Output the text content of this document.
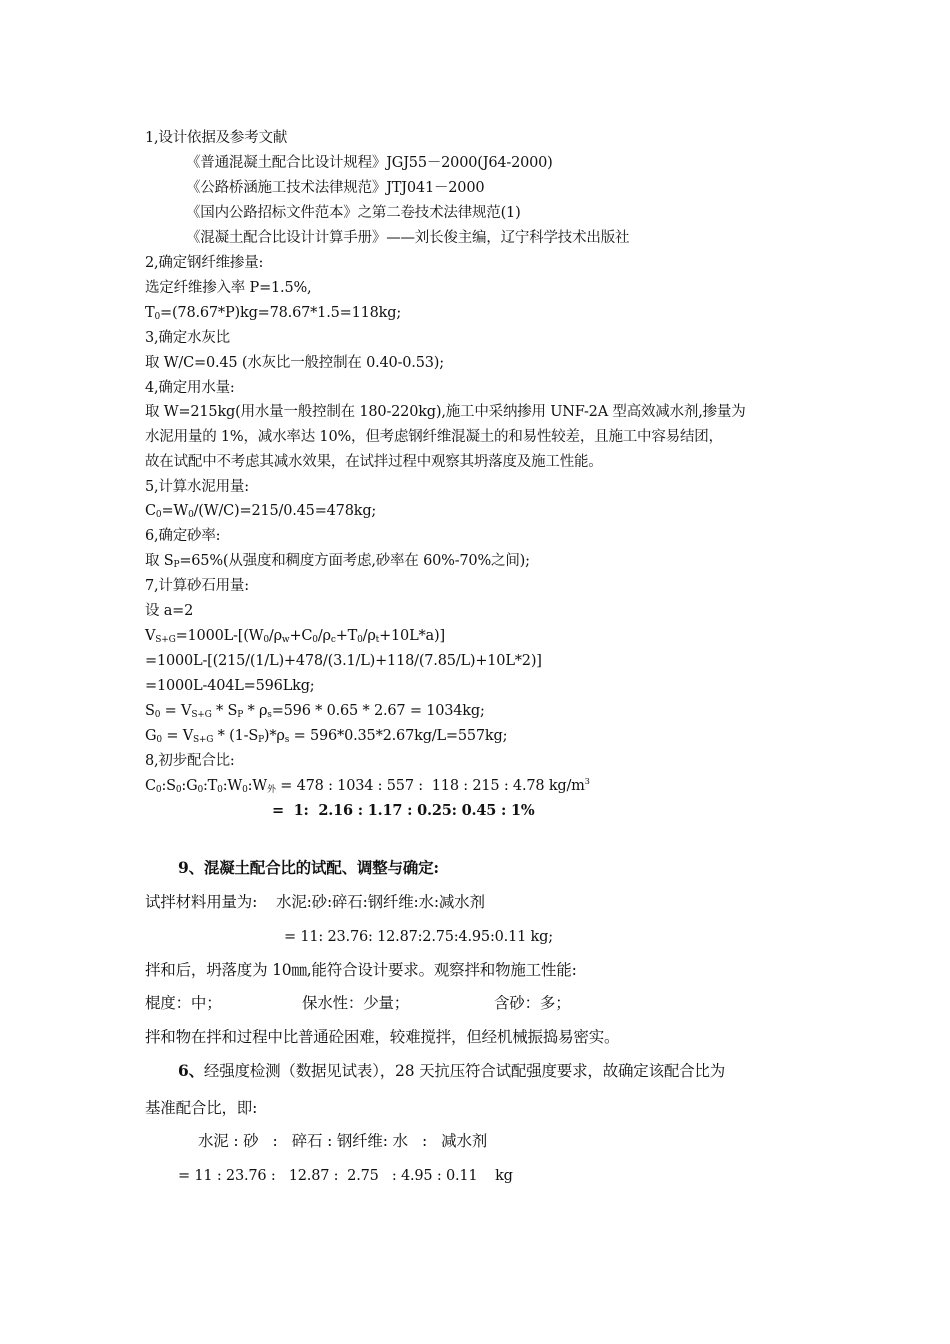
1,设计依据及参考文献
《普通混凝土配合比设计规程》JGJ55－2000(J64-2000)
《公路桥涵施工技术法律规范》JTJ041－2000
《国内公路招标文件范本》之第二卷技术法律规范(1)
《混凝土配合比设计计算手册》——刘长俊主编，辽宁科学技术出版社
2,确定钢纤维掺量:
选定纤维掺入率 P=1.5%,
$T_0=(78.67*P)kg=78.67*1.5=118kg$;
3,确定水灰比
取 W/C=0.45 (水灰比一般控制在 0.40-0.53);
4,确定用水量:
取 W=215kg(用水量一般控制在 180-220kg),施工中采纳掺用 UNF-2A 型高效减水剂,掺量为
水泥用量的 1%，减水率达 10%，但考虑钢纤维混凝土的和易性较差，且施工中容易结团，
故在试配中不考虑其减水效果，在试拌过程中观察其坍落度及施工性能。
5,计算水泥用量:
$C_0=W_0/(W/C)=215/0.45=478kg$;
6,确定砂率:
取 $S_P=65\%$(从强度和稠度方面考虑,砂率在 60%-70%之间);
7,计算砂石用量:
设 a=2
$V_{S+G}=1000L-[(W_0/\rho_w+C_0/\rho_c+T_0/\rho_t+10L*a)]$
=1000L-[(215/(1/L)+478/(3.1/L)+118/(7.85/L)+10L*2)]
=1000L-404L=596Lkg;
$S_0 = V_{S+G} * S_P * \rho_s=596 * 0.65 * 2.67 = 1034kg$;
$G_0 = V_{S+G} * (1-S_P)*\rho_s = 596*0.35*2.67kg/L=557kg$;
8,初步配合比:
$C_0:S_0:G_0:T_0:W_0:W_外 = 478$ : 1034 : 557 :  118 : 215 : 4.78 $kg/m^3$
=  1:  2.16 : 1.17 : 0.25: 0.45 : 1%
9、混凝土配合比的试配、调整与确定:
试拌材料用量为:    水泥:砂:碎石:钢纤维:水:减水剂
= 11: 23.76: 12.87:2.75:4.95:0.11 kg;
拌和后，坍落度为 10㎜,能符合设计要求。观察拌和物施工性能:
棍度：中；	保水性：少量；	含砂：多；
拌和物在拌和过程中比普通砼困难，较难搅拌，但经机械振捣易密实。
6、经强度检测（数据见试表），28 天抗压符合试配强度要求，故确定该配合比为
基准配合比，即:
水泥 : 砂   :   碎石 : 钢纤维: 水   :   减水剂
= 11 : 23.76 :   12.87 :  2.75   : 4.95 : 0.11    kg
